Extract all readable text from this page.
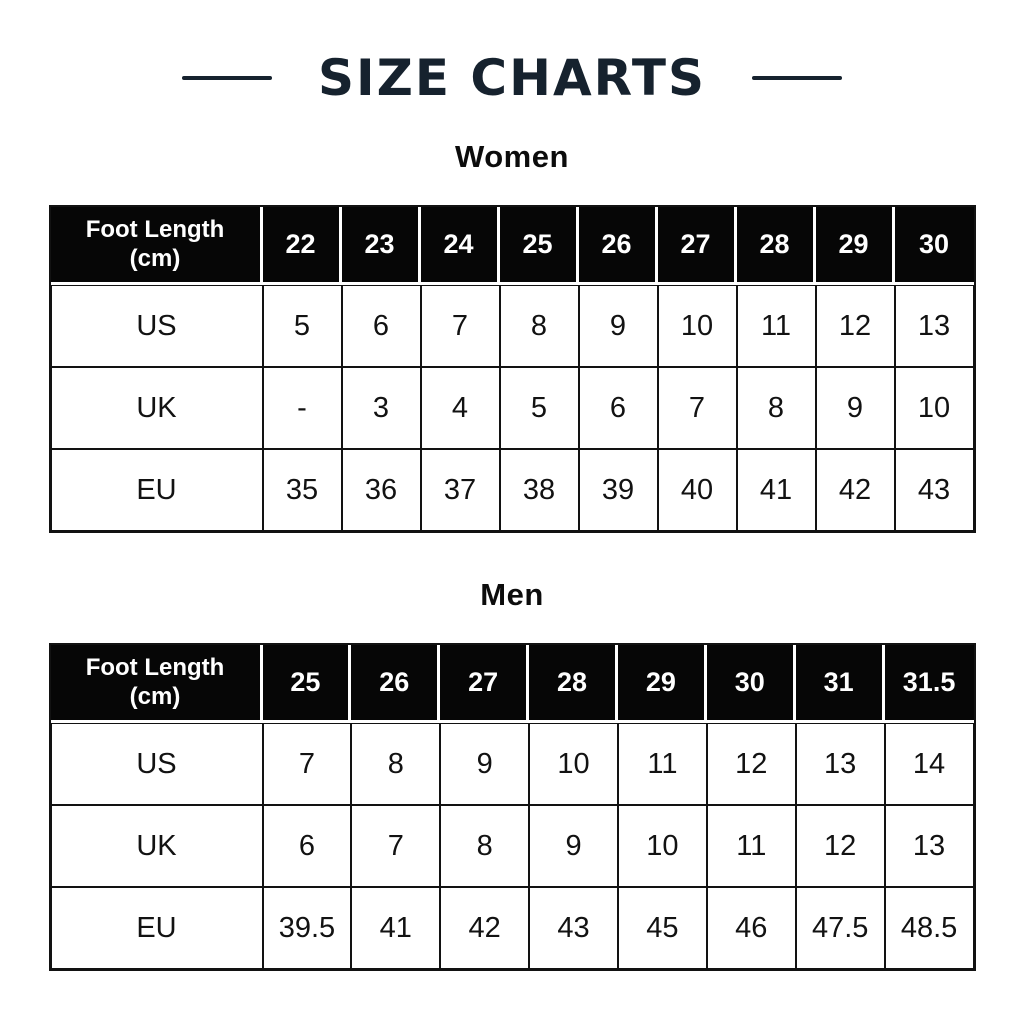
SIZE CHARTS
Women
Foot Length (cm)	22	23	24	25	26	27	28	29	30
US	5	6	7	8	9	10	11	12	13
UK	-	3	4	5	6	7	8	9	10
EU	35	36	37	38	39	40	41	42	43
Men
Foot Length (cm)	25	26	27	28	29	30	31	31.5
US	7	8	9	10	11	12	13	14
UK	6	7	8	9	10	11	12	13
EU	39.5	41	42	43	45	46	47.5	48.5
